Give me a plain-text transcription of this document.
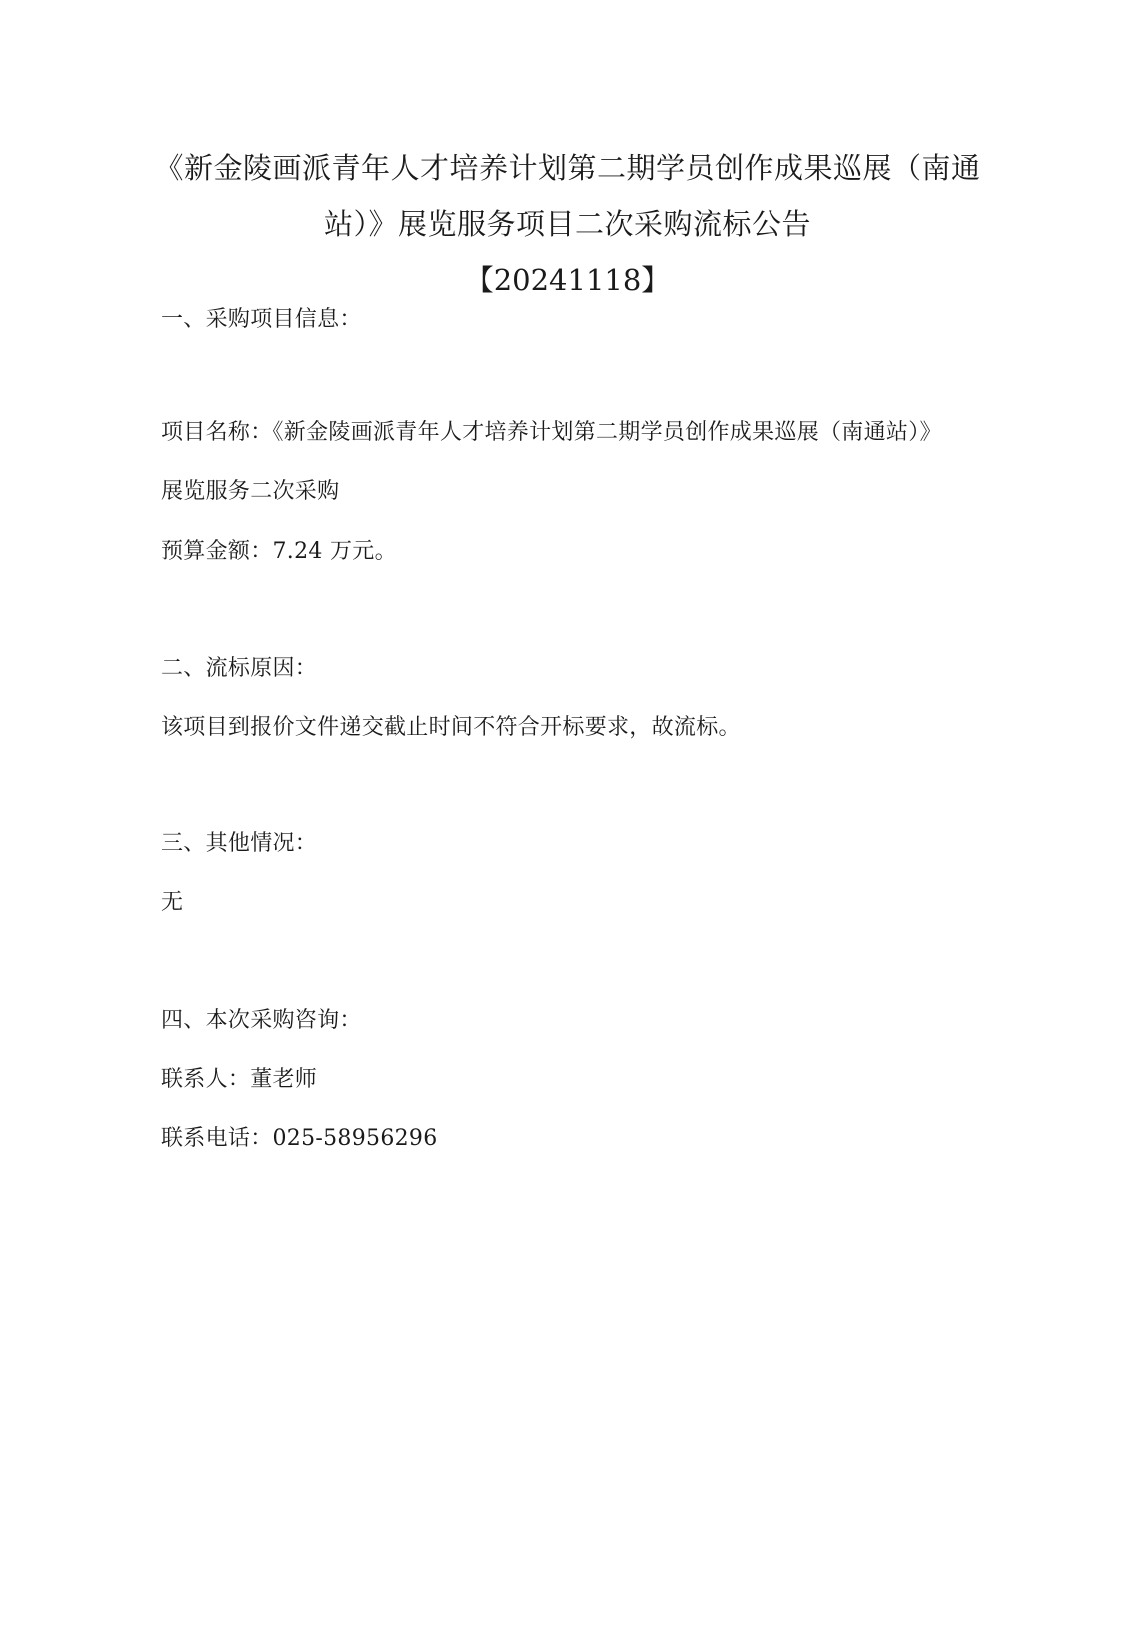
《新金陵画派青年人才培养计划第二期学员创作成果巡展（南通
站）》展览服务项目二次采购流标公告
【20241118】
一、采购项目信息：
项目名称：《新金陵画派青年人才培养计划第二期学员创作成果巡展（南通站）》
展览服务二次采购
预算金额：7.24 万元。
二、流标原因：
该项目到报价文件递交截止时间不符合开标要求，故流标。
三、其他情况：
无
四、本次采购咨询：
联系人：董老师
联系电话：025-58956296
